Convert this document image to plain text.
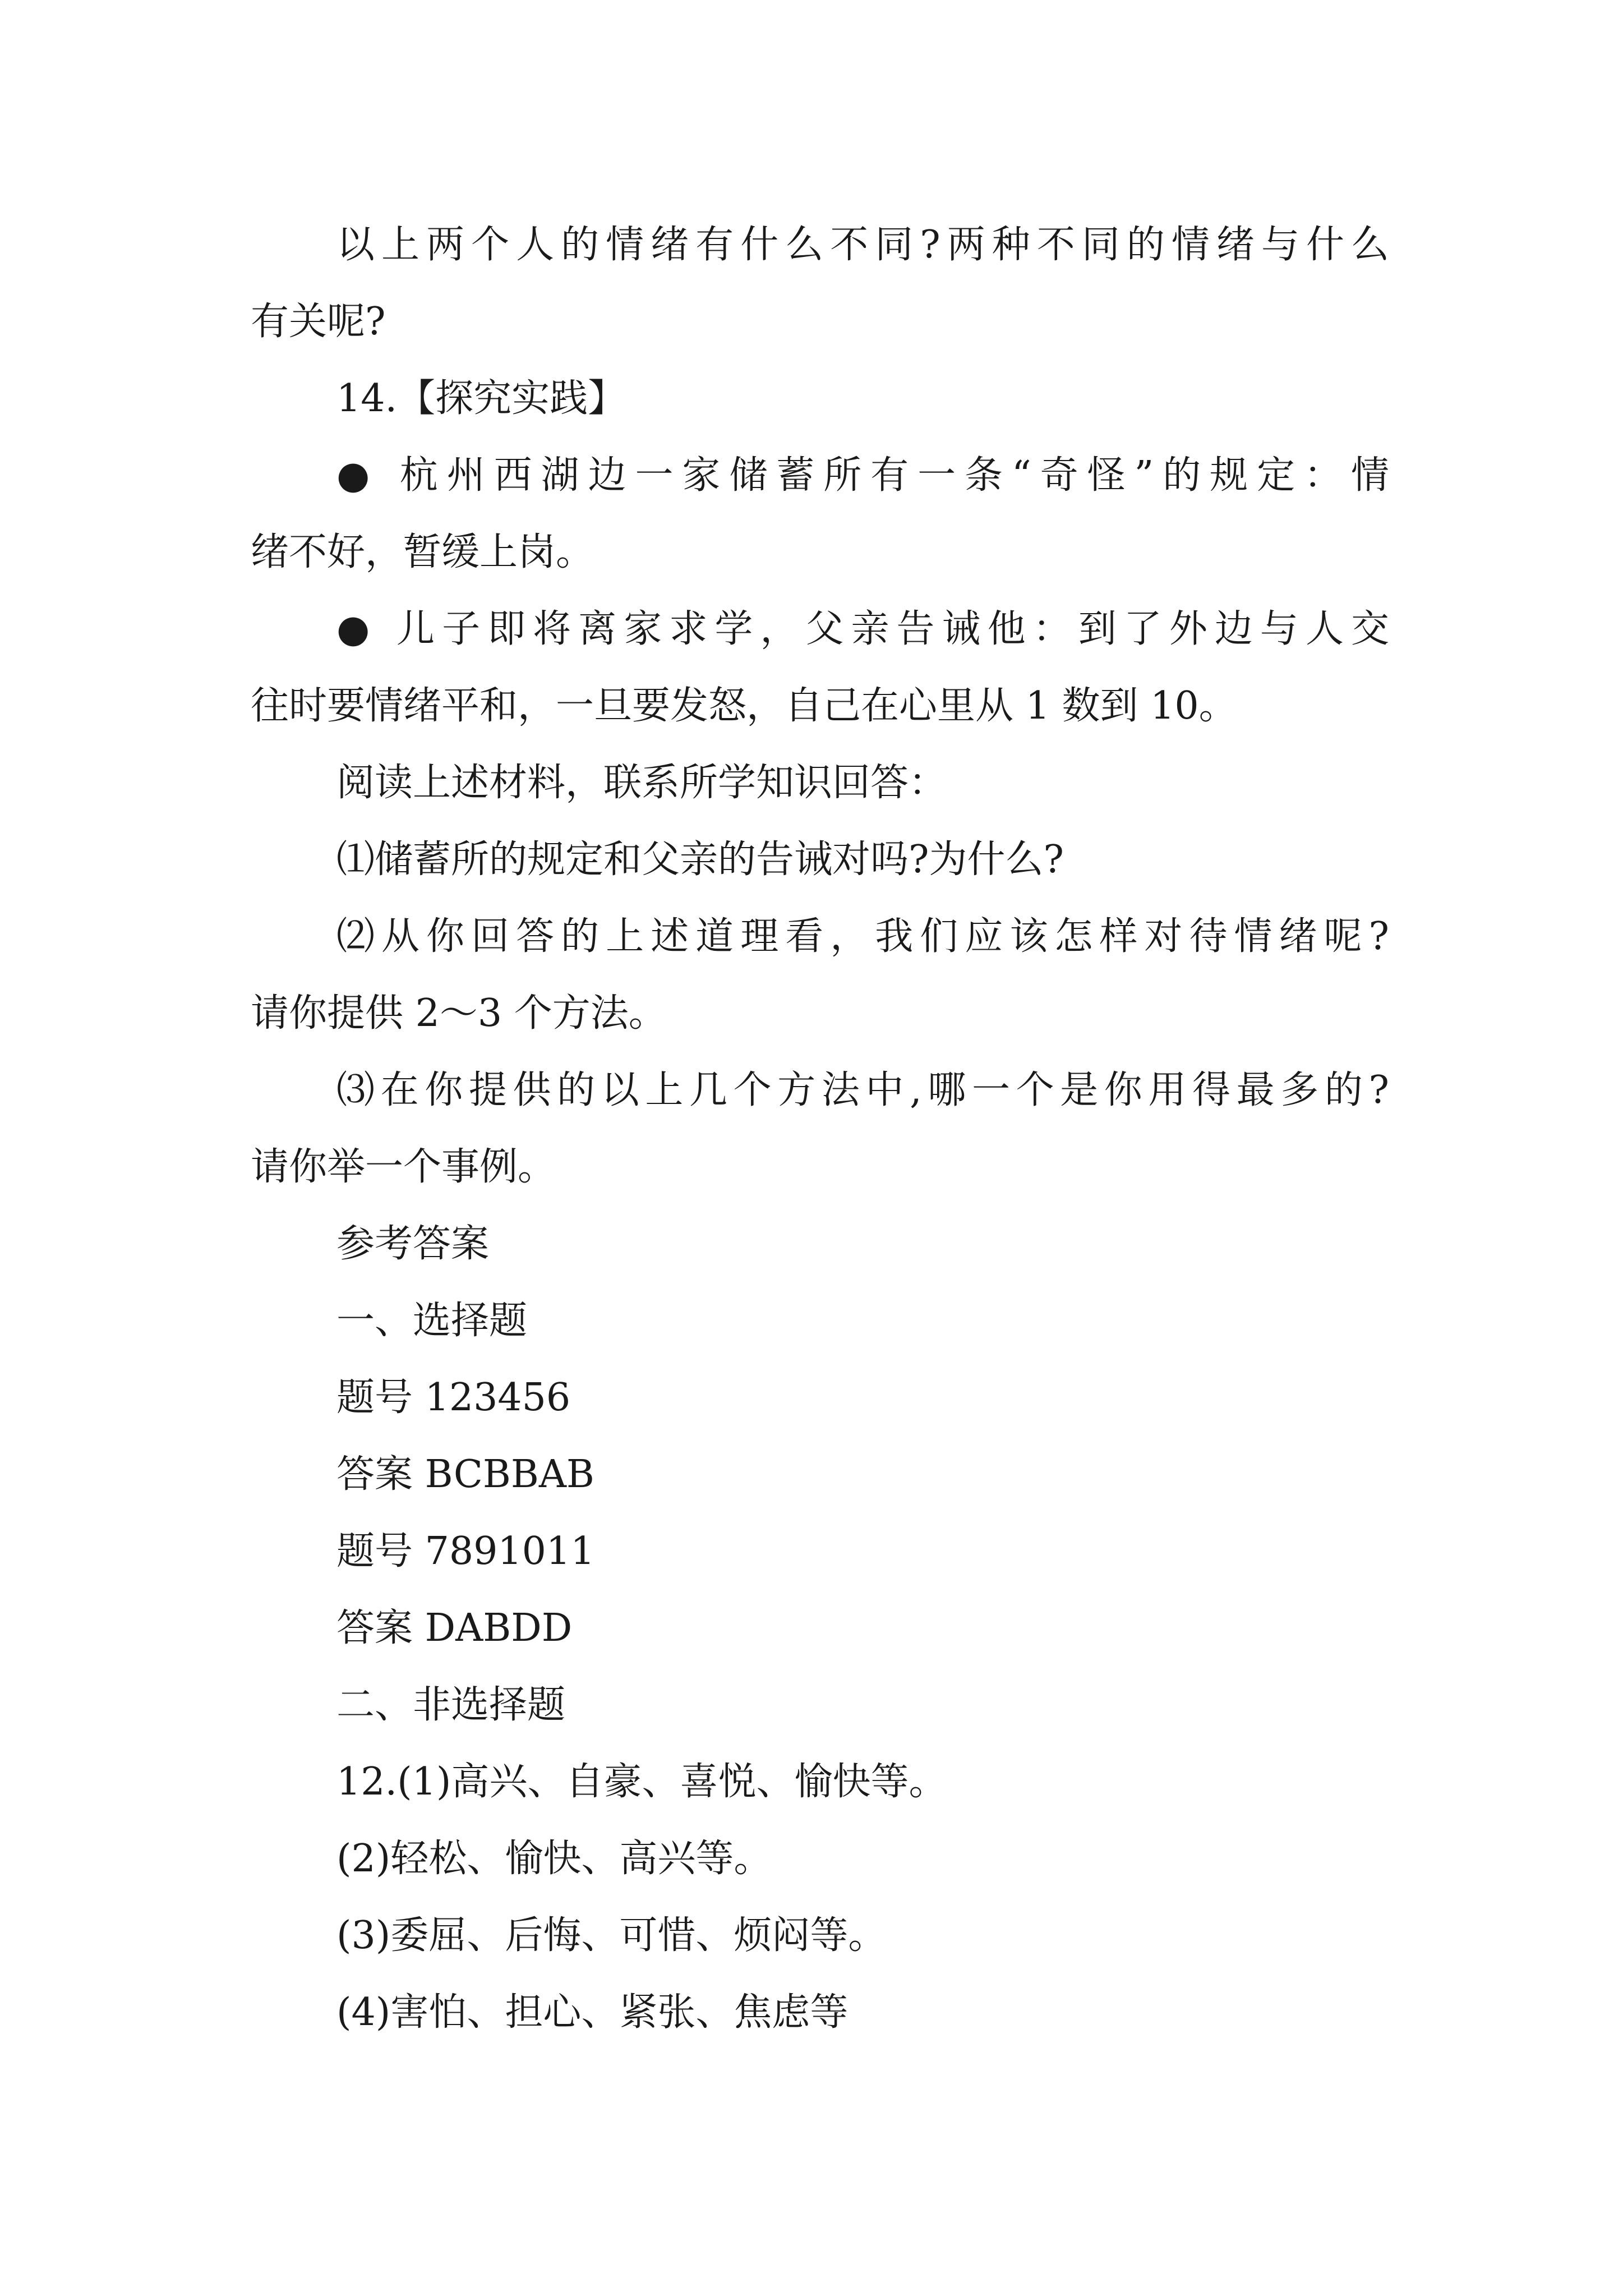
以上两个人的情绪有什么不同?两种不同的情绪与什么

有关呢?

14.【探究实践】

● 杭州西湖边一家储蓄所有一条“奇怪”的规定：情

绪不好，暂缓上岗。

● 儿子即将离家求学，父亲告诫他：到了外边与人交

往时要情绪平和，一旦要发怒，自己在心里从 1 数到 10。

阅读上述材料，联系所学知识回答：

⑴储蓄所的规定和父亲的告诫对吗?为什么?

⑵从你回答的上述道理看，我们应该怎样对待情绪呢?

请你提供 2～3 个方法。

⑶在你提供的以上几个方法中,哪一个是你用得最多的?

请你举一个事例。

参考答案

一、选择题

题号 123456

答案 BCBBAB

题号 7891011

答案 DABDD

二、非选择题

12.(1)高兴、自豪、喜悦、愉快等。

(2)轻松、愉快、高兴等。

(3)委屈、后悔、可惜、烦闷等。

(4)害怕、担心、紧张、焦虑等
